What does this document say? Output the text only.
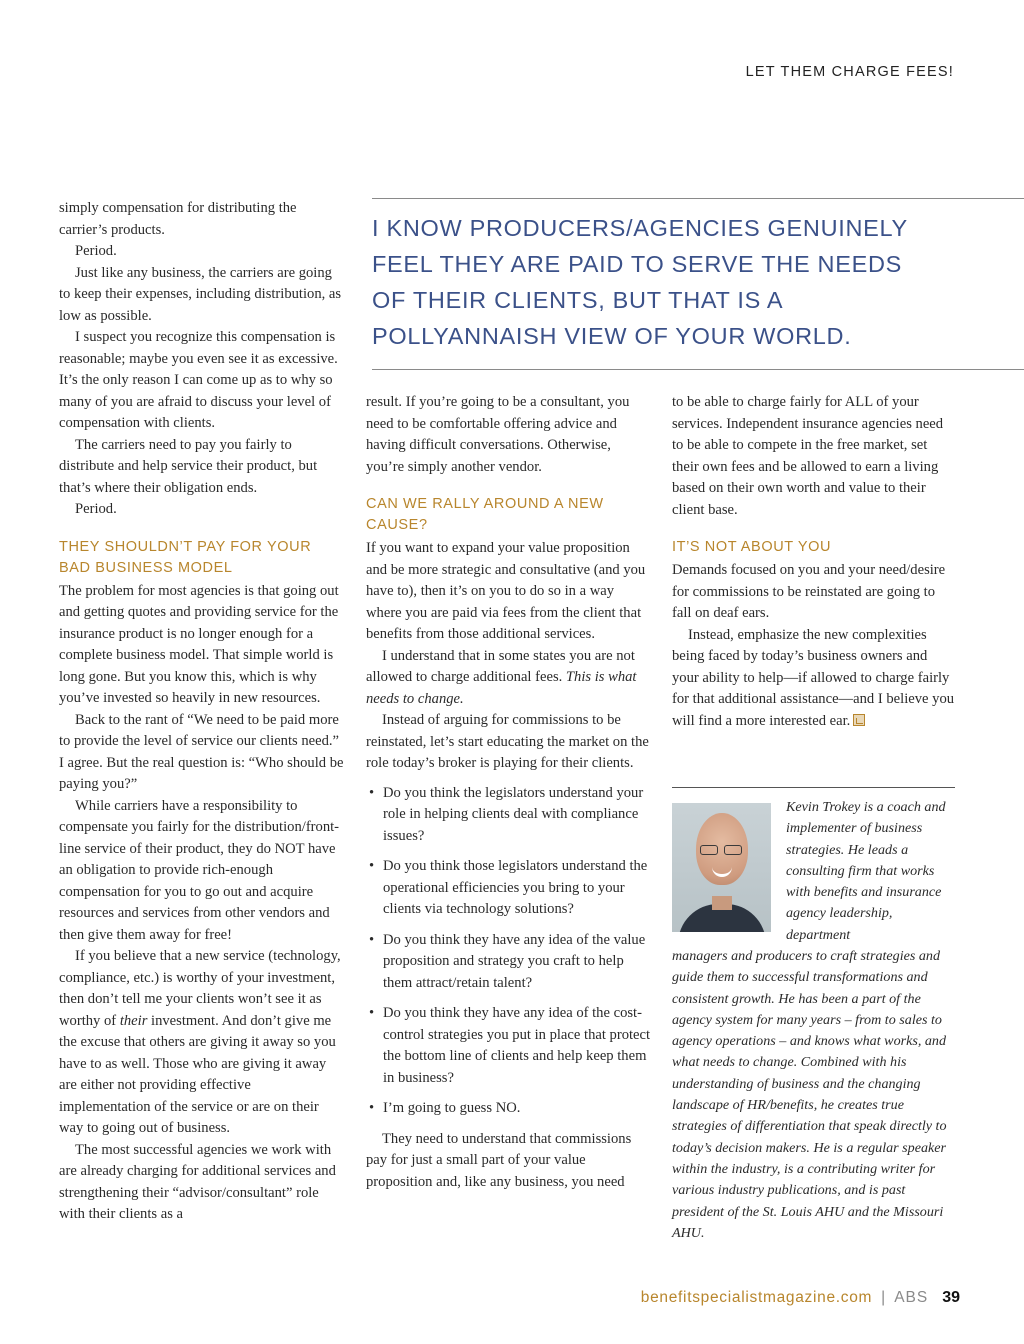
LET THEM CHARGE FEES!
I KNOW PRODUCERS/AGENCIES GENUINELY
FEEL THEY ARE PAID TO SERVE THE NEEDS
OF THEIR CLIENTS, BUT THAT IS A
POLLYANNAISH VIEW OF YOUR WORLD.

simply compensation for distributing the carrier’s products.

Period.

Just like any business, the carriers are going to keep their expenses, including distribution, as low as possible.

I suspect you recognize this compensation is reasonable; maybe you even see it as excessive. It’s the only reason I can come up as to why so many of you are afraid to discuss your level of compensation with clients.

The carriers need to pay you fairly to distribute and help service their product, but that’s where their obligation ends.

Period.

THEY SHOULDN’T PAY FOR YOUR BAD BUSINESS MODEL

The problem for most agencies is that going out and getting quotes and providing service for the insurance product is no longer enough for a complete business model. That simple world is long gone. But you know this, which is why you’ve invested so heavily in new resources.

Back to the rant of “We need to be paid more to provide the level of service our clients need.” I agree. But the real question is: “Who should be paying you?”

While carriers have a responsibility to compensate you fairly for the distribution/front-line service of their product, they do NOT have an obligation to provide rich-enough compensation for you to go out and acquire resources and services from other vendors and then give them away for free!

If you believe that a new service (technology, compliance, etc.) is worthy of your investment, then don’t tell me your clients won’t see it as worthy of their investment. And don’t give me the excuse that others are giving it away so you have to as well. Those who are giving it away are either not providing effective implementation of the service or are on their way to going out of business.

The most successful agencies we work with are already charging for additional services and strengthening their “advisor/consultant” role with their clients as a

result. If you’re going to be a consultant, you need to be comfortable offering advice and having difficult conversations. Otherwise, you’re simply another vendor.

CAN WE RALLY AROUND A NEW CAUSE?

If you want to expand your value proposition and be more strategic and consultative (and you have to), then it’s on you to do so in a way where you are paid via fees from the client that benefits from those additional services.

I understand that in some states you are not allowed to charge additional fees. This is what needs to change.

Instead of arguing for commissions to be reinstated, let’s start educating the market on the role today’s broker is playing for their clients.

• Do you think the legislators understand your role in helping clients deal with compliance issues?
• Do you think those legislators understand the operational efficiencies you bring to your clients via technology solutions?
• Do you think they have any idea of the value proposition and strategy you craft to help them attract/retain talent?
• Do you think they have any idea of the cost-control strategies you put in place that protect the bottom line of clients and help keep them in business?
• I’m going to guess NO.

They need to understand that commissions pay for just a small part of your value proposition and, like any business, you need

to be able to charge fairly for ALL of your services. Independent insurance agencies need to be able to compete in the free market, set their own fees and be allowed to earn a living based on their own worth and value to their client base.

IT’S NOT ABOUT YOU

Demands focused on you and your need/desire for commissions to be reinstated are going to fall on deaf ears.

Instead, emphasize the new complexities being faced by today’s business owners and your ability to help—if allowed to charge fairly for that additional assistance—and I believe you will find a more interested ear.

Kevin Trokey is a coach and implementer of business strategies. He leads a consulting firm that works with benefits and insurance agency leadership, department

managers and producers to craft strategies and guide them to successful transformations and consistent growth. He has been a part of the agency system for many years – from to sales to agency operations – and knows what works, and what needs to change. Combined with his understanding of business and the changing landscape of HR/benefits, he creates true strategies of differentiation that speak directly to today’s decision makers. He is a regular speaker within the industry, is a contributing writer for various industry publications, and is past president of the St. Louis AHU and the Missouri AHU.

benefitspecialistmagazine.com | ABS 39
